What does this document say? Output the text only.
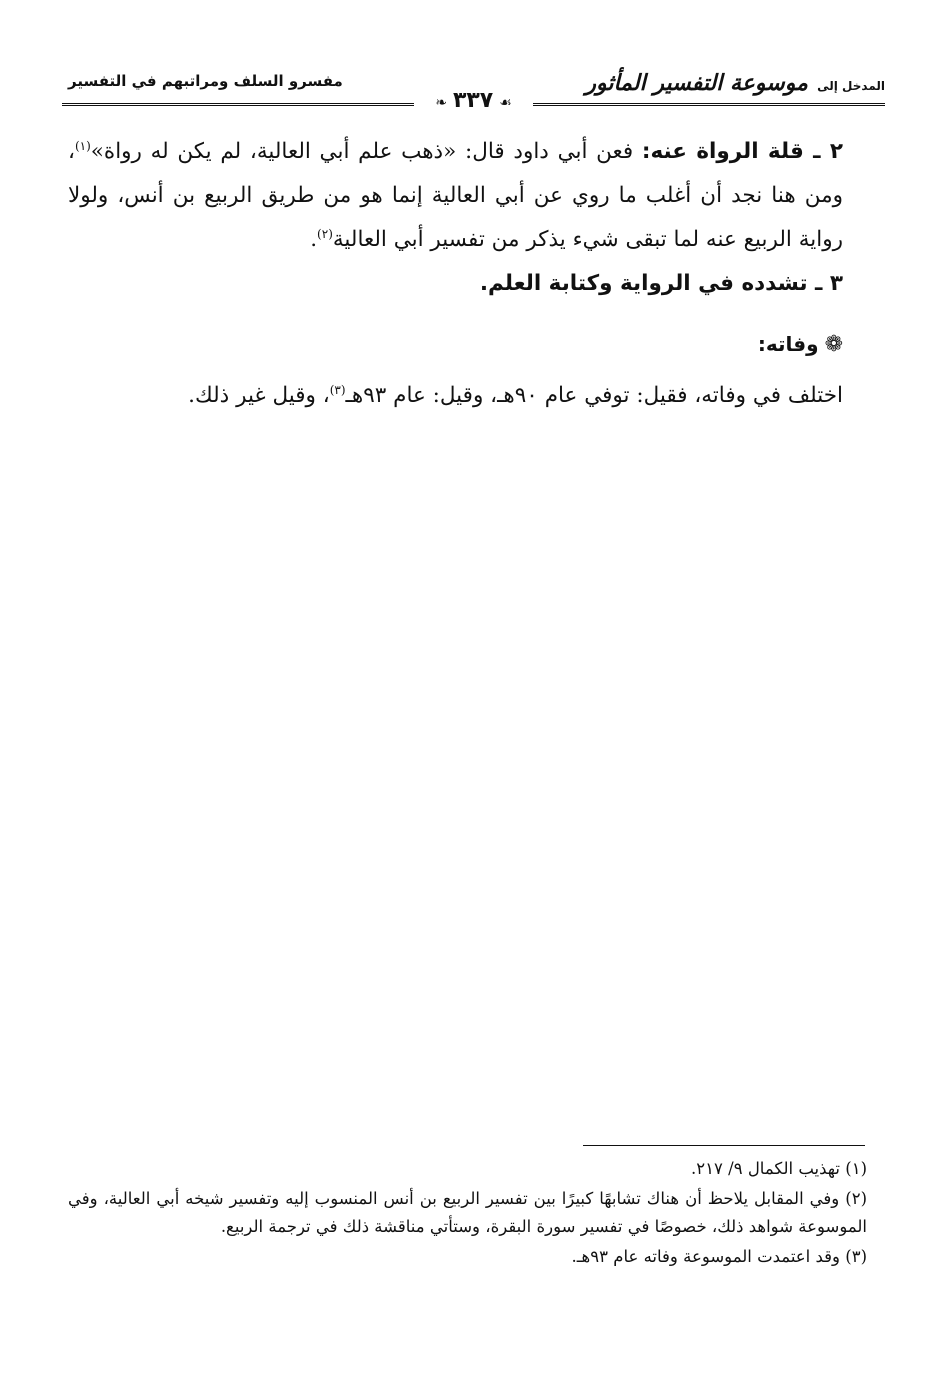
المدخل إلى موسوعة التفسير المأثور
مفسرو السلف ومراتبهم في التفسير
☙٣٣٧❧

٢ ـ قلة الرواة عنه: فعن أبي داود قال: «ذهب علم أبي العالية، لم يكن له رواة»$^{(١)}$، ومن هنا نجد أن أغلب ما روي عن أبي العالية إنما هو من طريق الربيع بن أنس، ولولا رواية الربيع عنه لما تبقى شيء يذكر من تفسير أبي العالية$^{(٢)}$.

٣ ـ تشدده في الرواية وكتابة العلم.

❁وفاته:
اختلف في وفاته، فقيل: توفي عام ٩٠هـ، وقيل: عام ٩٣هـ$^{(٣)}$، وقيل غير ذلك.

(١) تهذيب الكمال ٩/ ٢١٧.

(٢) وفي المقابل يلاحظ أن هناك تشابهًا كبيرًا بين تفسير الربيع بن أنس المنسوب إليه وتفسير شيخه أبي العالية، وفي الموسوعة شواهد ذلك، خصوصًا في تفسير سورة البقرة، وستأتي مناقشة ذلك في ترجمة الربيع.

(٣) وقد اعتمدت الموسوعة وفاته عام ٩٣هـ.
